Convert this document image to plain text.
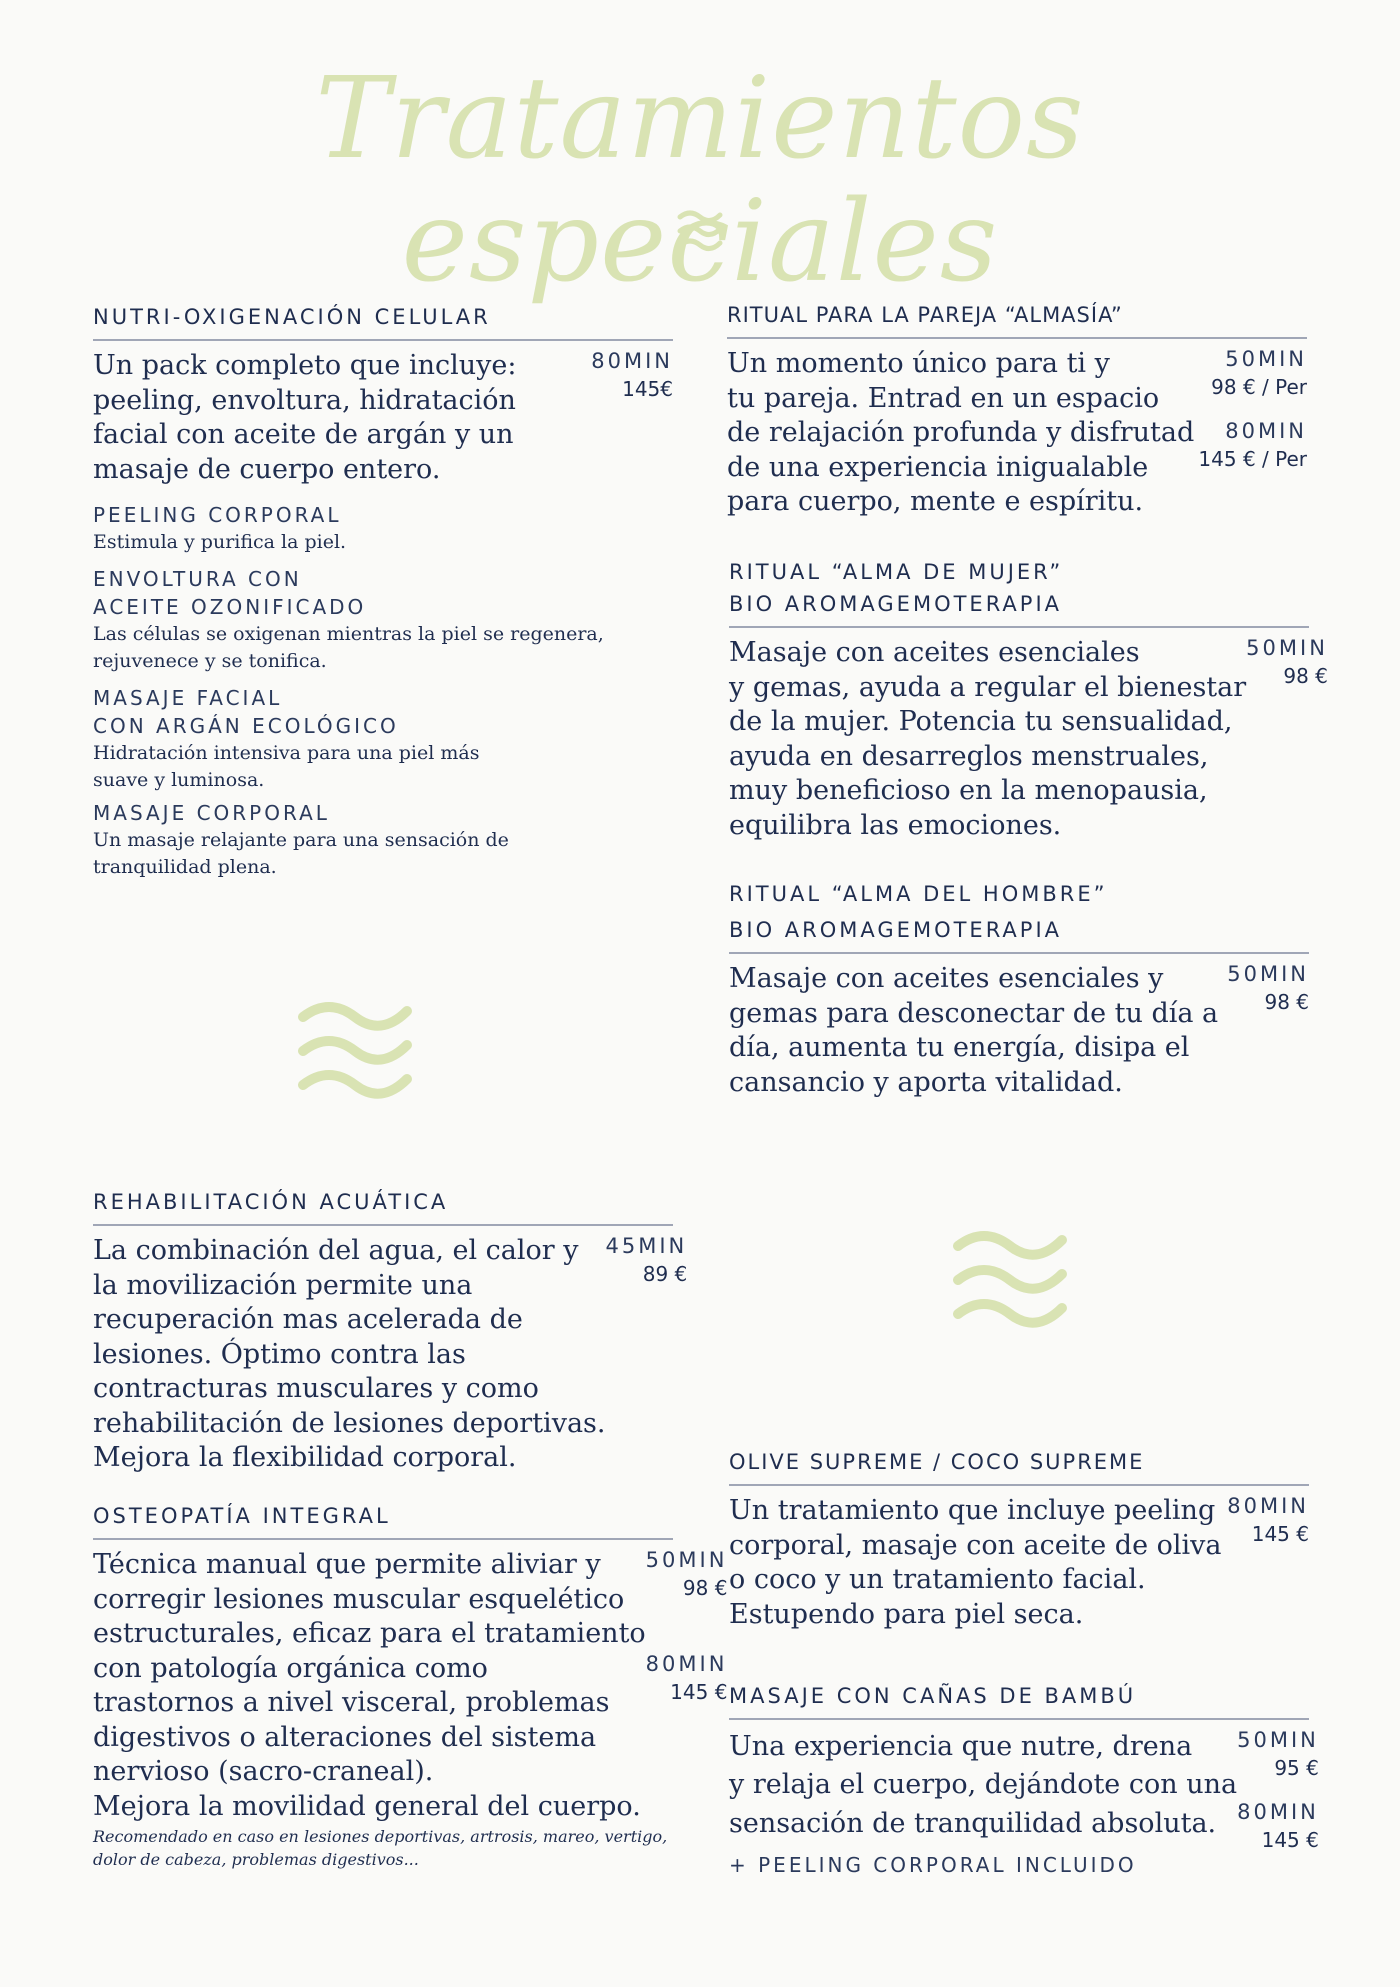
Tratamientos especiales
NUTRI-OXIGENACIÓN CELULAR
Un pack completo que incluye:
peeling, envoltura, hidratación
facial con aceite de argán y un
masaje de cuerpo entero.
80MIN
145€
PEELING CORPORAL
Estimula y purifica la piel.
ENVOLTURA CON
ACEITE OZONIFICADO
Las células se oxigenan mientras la piel se regenera,
rejuvenece y se tonifica.
MASAJE FACIAL
CON ARGÁN ECOLÓGICO
Hidratación intensiva para una piel más
suave y luminosa.
MASAJE CORPORAL
Un masaje relajante para una sensación de
tranquilidad plena.
REHABILITACIÓN ACUÁTICA
La combinación del agua, el calor y
la movilización permite una
recuperación mas acelerada de
lesiones. Óptimo contra las
contracturas musculares y como
rehabilitación de lesiones deportivas.
Mejora la flexibilidad corporal.
45MIN
89 €
OSTEOPATÍA INTEGRAL
Técnica manual que permite aliviar y
corregir lesiones muscular esquelético
estructurales, eficaz para el tratamiento
con patología orgánica como
trastornos a nivel visceral, problemas
digestivos o alteraciones del sistema
nervioso (sacro-craneal).
Mejora la movilidad general del cuerpo.
50MIN
98 €
80MIN
145 €
Recomendado en caso en lesiones deportivas, artrosis, mareo, vertigo,
dolor de cabeza, problemas digestivos...
RITUAL PARA LA PAREJA “ALMASÍA”
Un momento único para ti y
tu pareja. Entrad en un espacio
de relajación profunda y disfrutad
de una experiencia inigualable
para cuerpo, mente e espíritu.
50MIN
98 € / Per
80MIN
145 € / Per
RITUAL “ALMA DE MUJER”
BIO AROMAGEMOTERAPIA
Masaje con aceites esenciales
y gemas, ayuda a regular el bienestar
de la mujer. Potencia tu sensualidad,
ayuda en desarreglos menstruales,
muy beneficioso en la menopausia,
equilibra las emociones.
50MIN
98 €
RITUAL “ALMA DEL HOMBRE”
BIO AROMAGEMOTERAPIA
Masaje con aceites esenciales y
gemas para desconectar de tu día a
día, aumenta tu energía, disipa el
cansancio y aporta vitalidad.
50MIN
98 €
OLIVE SUPREME / COCO SUPREME
Un tratamiento que incluye peeling
corporal, masaje con aceite de oliva
o coco y un tratamiento facial.
Estupendo para piel seca.
80MIN
145 €
MASAJE CON CAÑAS DE BAMBÚ
Una experiencia que nutre, drena
y relaja el cuerpo, dejándote con una
sensación de tranquilidad absoluta.
+ PEELING CORPORAL INCLUIDO
50MIN
95 €
80MIN
145 €
